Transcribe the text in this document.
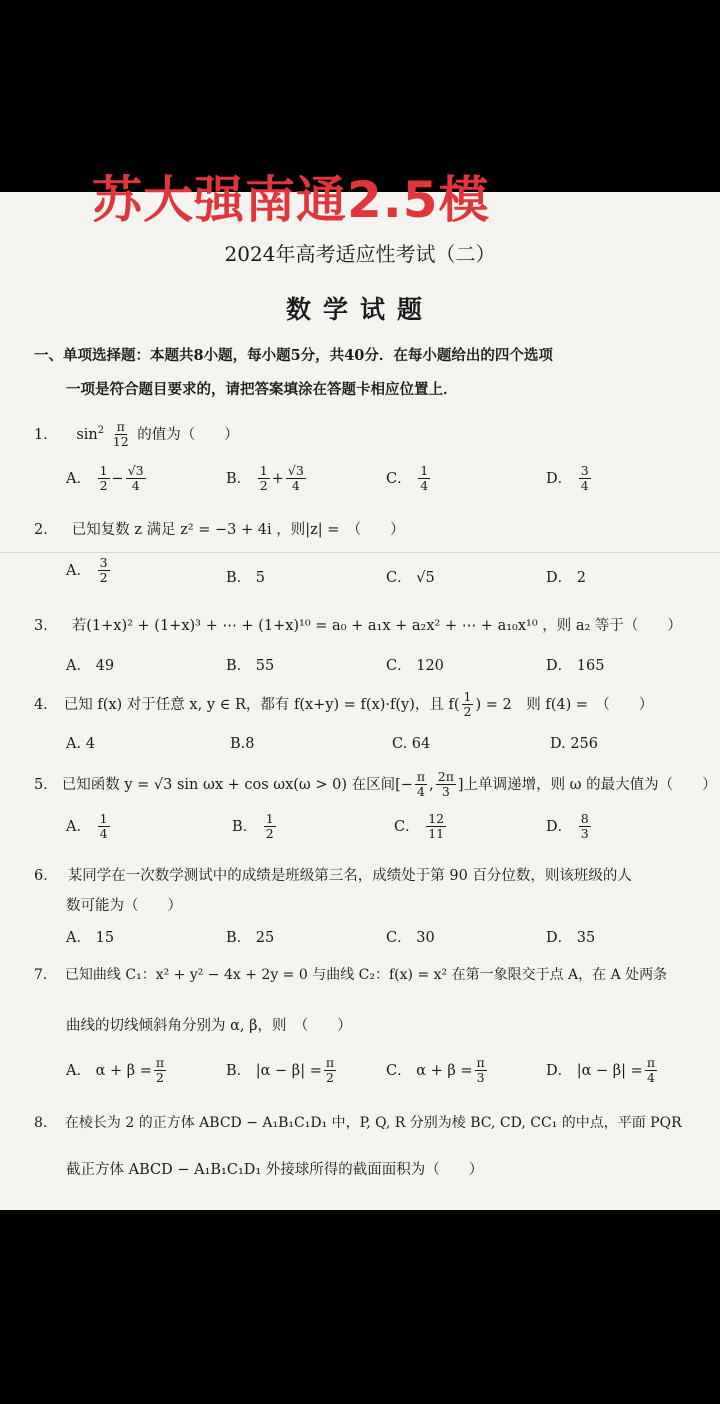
苏大强南通2.5模
2024年高考适应性考试（二）
数学试题
一、单项选择题：本题共8小题，每小题5分，共40分．在每小题给出的四个选项
一项是符合题目要求的，请把答案填涂在答题卡相应位置上．
1． $\sin^2 \frac{\pi}{12}$ 的值为（　　）
A． $\frac{1}{2} - \frac{√3}{4}$	B． $\frac{1}{2} + \frac{√3}{4}$	C． $\frac{1}{4}$	D． $\frac{3}{4}$
2． 已知复数 z 满足 z² = −3 + 4i ，则|z| =　（　　）
A． $\frac{3}{2}$	B． 5	C． √5	D． 2
3． 若(1+x)² + (1+x)³ + ⋯ + (1+x)¹⁰ = a₀ + a₁x + a₂x² + ⋯ + a₁₀x¹⁰ ，则 a₂ 等于（　　）
A． 49	B． 55	C． 120	D． 165
4． 已知 f(x) 对于任意 x, y ∈ R，都有 f(x+y) = f(x)·f(y)，且 $f( \frac{1}{2}$ ) = 2　则 f(4) =　（　　）
A. 4	B.8	C. 64	D. 256
5． 已知函数 y = √3 sin ωx + cos ωx(ω > 0) 在区间[− $\frac{\pi}{4}$ , $\frac{2\pi}{3}$ ]上单调递增，则 ω 的最大值为（　　）
A． $\frac{1}{4}$	B． $\frac{1}{2}$	C． $\frac{12}{11}$	D． $\frac{8}{3}$
6． 某同学在一次数学测试中的成绩是班级第三名，成绩处于第 90 百分位数，则该班级的人
数可能为（　　）
A． 15	B． 25	C． 30	D． 35
7． 已知曲线 C₁：x² + y² − 4x + 2y = 0 与曲线 C₂：f(x) = x² 在第一象限交于点 A，在 A 处两条
曲线的切线倾斜角分别为 α, β，则　（　　）
A． $\alpha + \beta = \frac{\pi}{2}$	B． $|\alpha - \beta| = \frac{\pi}{2}$	C． $\alpha + \beta = \frac{\pi}{3}$	D． $|\alpha - \beta| = \frac{\pi}{4}$
8． 在棱长为 2 的正方体 ABCD − A₁B₁C₁D₁ 中，P, Q, R 分别为棱 BC, CD, CC₁ 的中点，平面 PQR
截正方体 ABCD − A₁B₁C₁D₁ 外接球所得的截面面积为（　　）
